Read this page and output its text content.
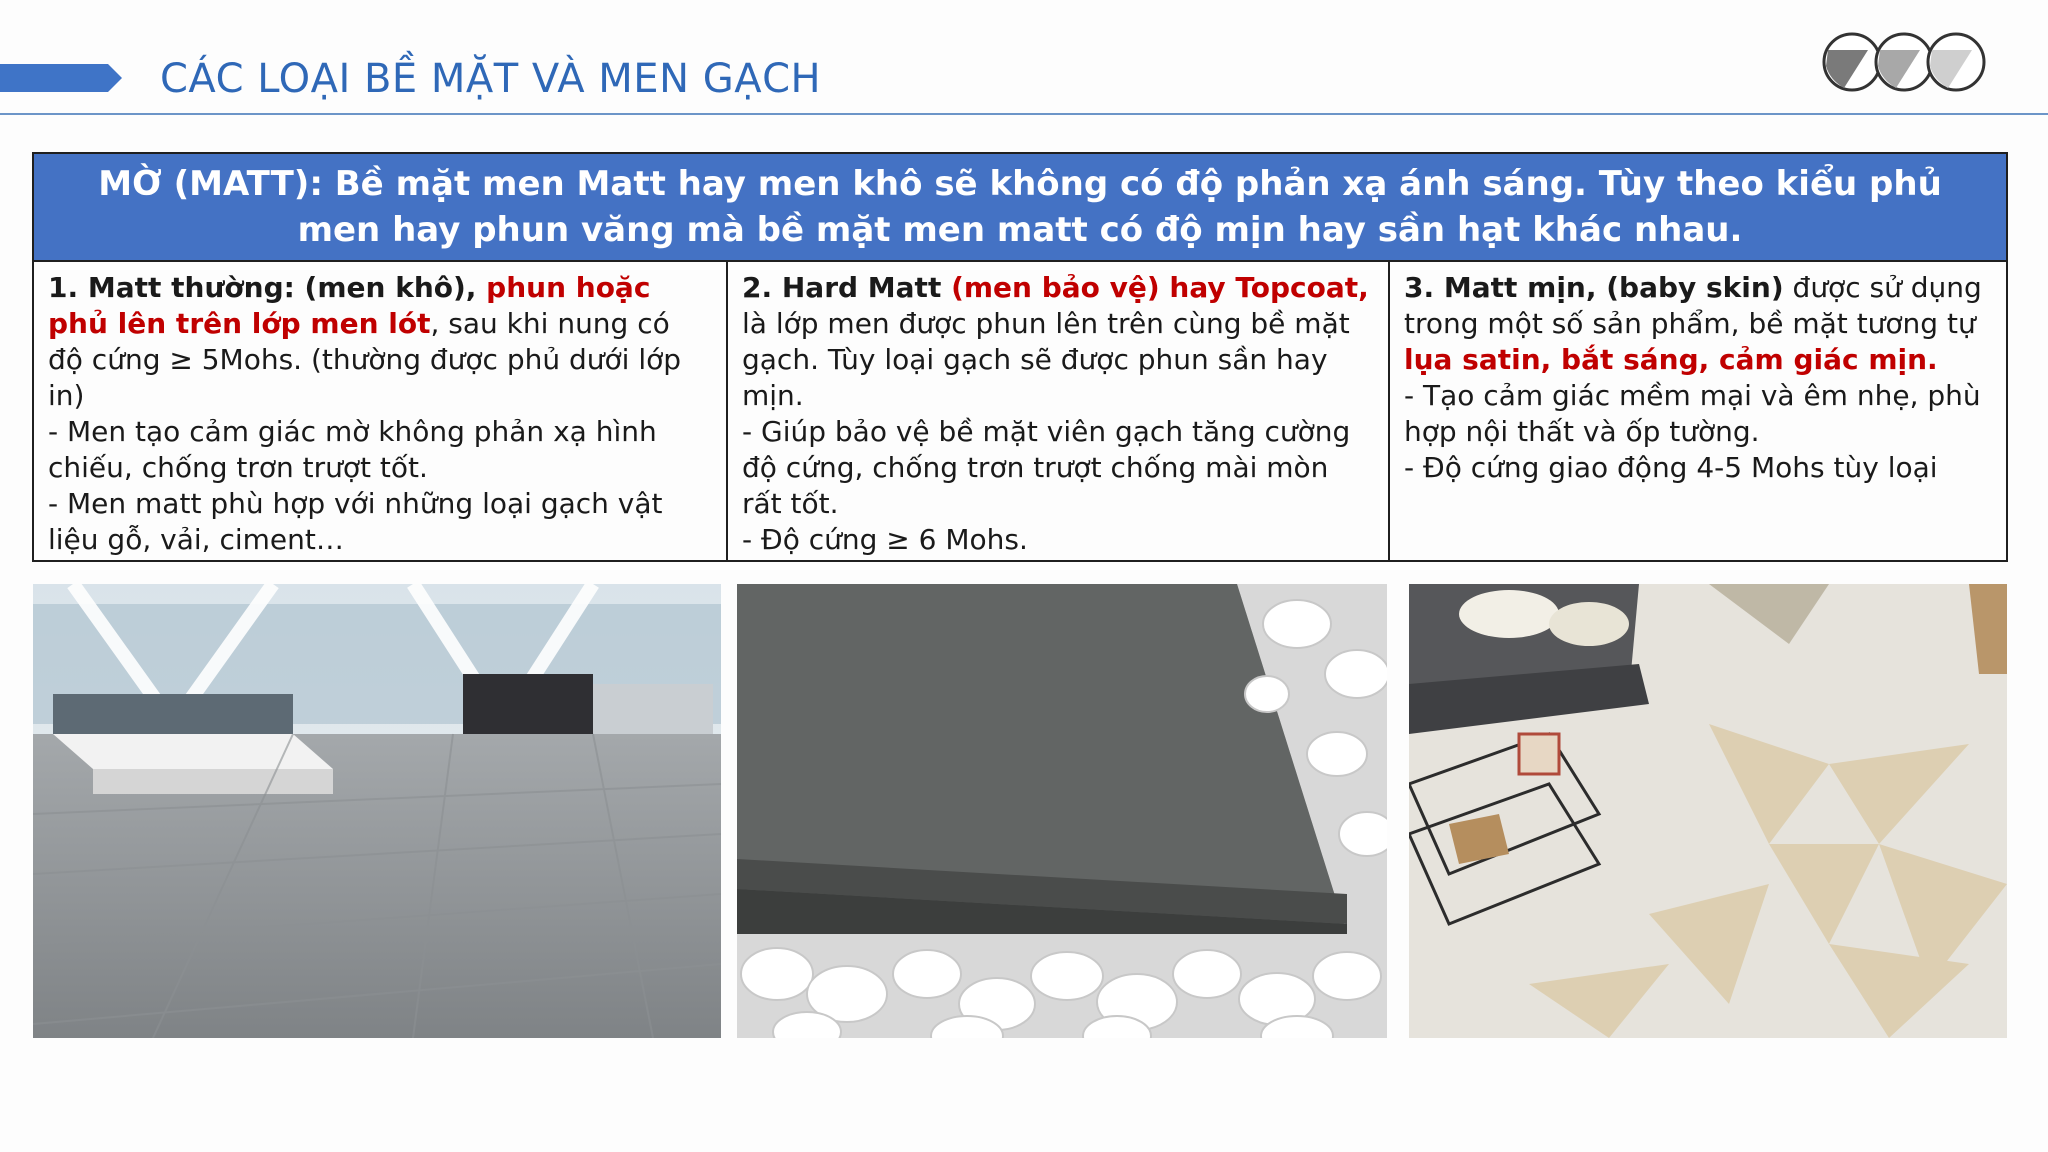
CÁC LOẠI BỀ MẶT VÀ MEN GẠCH
MỜ (MATT): Bề mặt men Matt hay men khô sẽ không có độ phản xạ ánh sáng. Tùy theo kiểu phủ men hay phun văng mà bề mặt men matt có độ mịn hay sần hạt khác nhau.
1. Matt thường: (men khô), phun hoặc phủ lên trên lớp men lót, sau khi nung có độ cứng ≥ 5Mohs. (thường được phủ dưới lớp in)
- Men tạo cảm giác mờ không phản xạ hình chiếu, chống trơn trượt tốt.
- Men matt phù hợp với những loại gạch vật liệu gỗ, vải, ciment…
2. Hard Matt (men bảo vệ) hay Topcoat, là lớp men được phun lên trên cùng bề mặt gạch. Tùy loại gạch sẽ được phun sần hay mịn.
- Giúp bảo vệ bề mặt viên gạch tăng cường độ cứng, chống trơn trượt chống mài mòn rất tốt.
- Độ cứng ≥ 6 Mohs.
3. Matt mịn, (baby skin) được sử dụng trong một số sản phẩm, bề mặt tương tự lụa satin, bắt sáng, cảm giác mịn.
- Tạo cảm giác mềm mại và êm nhẹ, phù hợp nội thất và ốp tường.
- Độ cứng giao động 4-5 Mohs tùy loại
